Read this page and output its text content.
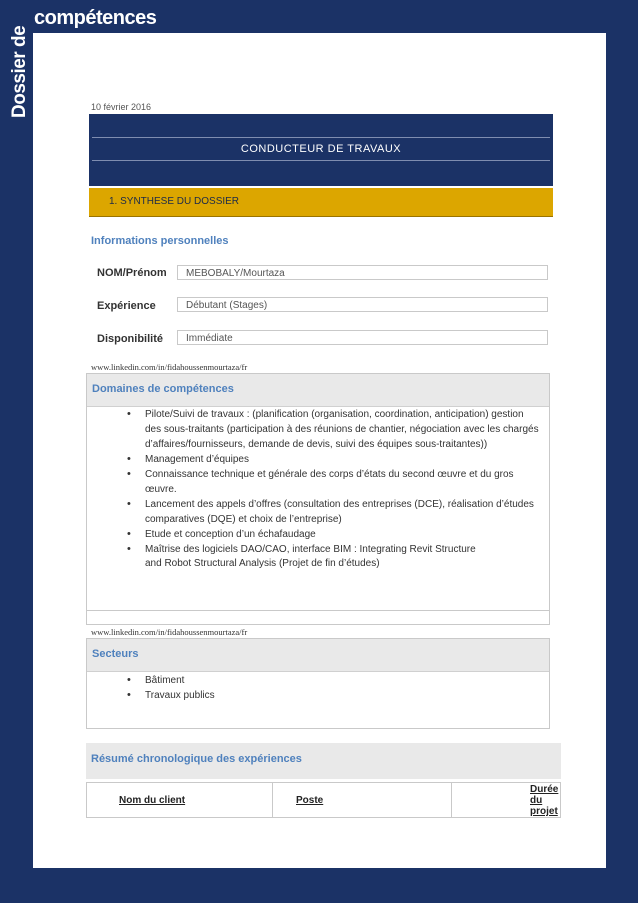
Dossier de
compétences
10 février 2016
CONDUCTEUR DE TRAVAUX
1. SYNTHESE DU DOSSIER
Informations personnelles
NOM/Prénom	MEBOBALY/Mourtaza
Expérience	Débutant (Stages)
Disponibilité	Immédiate
www.linkedin.com/in/fidahoussenmourtaza/fr
Domaines de compétences
• Pilote/Suivi de travaux : (planification (organisation, coordination, anticipation) gestion des sous-traitants (participation à des réunions de chantier, négociation avec les chargés d’affaires/fournisseurs, demande de devis, suivi des équipes sous-traitantes))
• Management d’équipes
• Connaissance technique et générale des corps d’états du second œuvre et du gros œuvre.
• Lancement des appels d’offres (consultation des entreprises (DCE), réalisation d’études comparatives (DQE) et choix de l’entreprise)
• Etude et conception d’un échafaudage
• Maîtrise des logiciels DAO/CAO, interface BIM : Integrating Revit Structure
and Robot Structural Analysis (Projet de fin d’études)
www.linkedin.com/in/fidahoussenmourtaza/fr
Secteurs
• Bâtiment
• Travaux publics
Résumé chronologique des expériences
Nom du client	Poste	Durée du projet
